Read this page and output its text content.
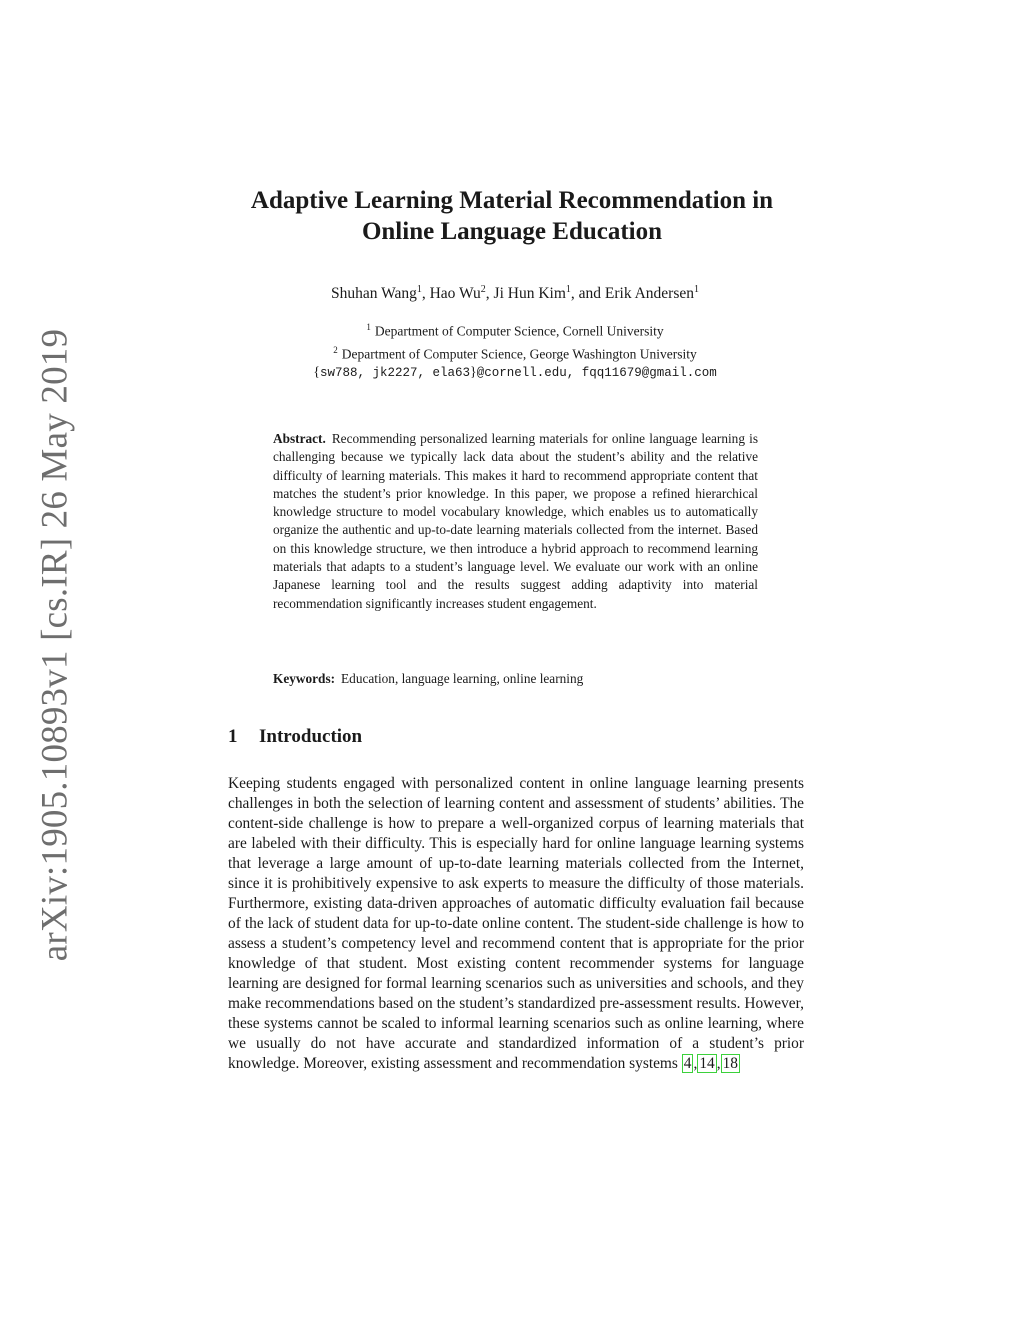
arXiv:1905.10893v1 [cs.IR] 26 May 2019
Adaptive Learning Material Recommendation in
Online Language Education
Shuhan Wang$^1$, Hao Wu$^2$, Ji Hun Kim$^1$, and Erik Andersen$^1$
$^1$ Department of Computer Science, Cornell University
$^2$ Department of Computer Science, George Washington University
{sw788, jk2227, ela63}@cornell.edu, fqq11679@gmail.com
Abstract. Recommending personalized learning materials for online language learning is challenging because we typically lack data about the student’s ability and the relative difficulty of learning materials. This makes it hard to recommend appropriate content that matches the student’s prior knowledge. In this paper, we propose a refined hierarchical knowledge structure to model vocabulary knowledge, which enables us to automatically organize the authentic and up-to-date learning materials collected from the internet. Based on this knowledge structure, we then introduce a hybrid approach to recommend learning materials that adapts to a student’s language level. We evaluate our work with an online Japanese learning tool and the results suggest adding adaptivity into material recommendation significantly increases student engagement.
Keywords: Education, language learning, online learning
1 Introduction
Keeping students engaged with personalized content in online language learning presents challenges in both the selection of learning content and assessment of students’ abilities. The content-side challenge is how to prepare a well-organized corpus of learning materials that are labeled with their difficulty. This is especially hard for online language learning systems that leverage a large amount of up-to-date learning materials collected from the Internet, since it is prohibitively expensive to ask experts to measure the difficulty of those materials. Furthermore, existing data-driven approaches of automatic difficulty evaluation fail because of the lack of student data for up-to-date online content. The student-side challenge is how to assess a student’s competency level and recommend content that is appropriate for the prior knowledge of that student. Most existing content recommender systems for language learning are designed for formal learning scenarios such as universities and schools, and they make recommendations based on the student’s standardized pre-assessment results. However, these systems cannot be scaled to informal learning scenarios such as online learning, where we usually do not have accurate and standardized information of a student’s prior knowledge. Moreover, existing assessment and recommendation systems 4 , 14 , 18
